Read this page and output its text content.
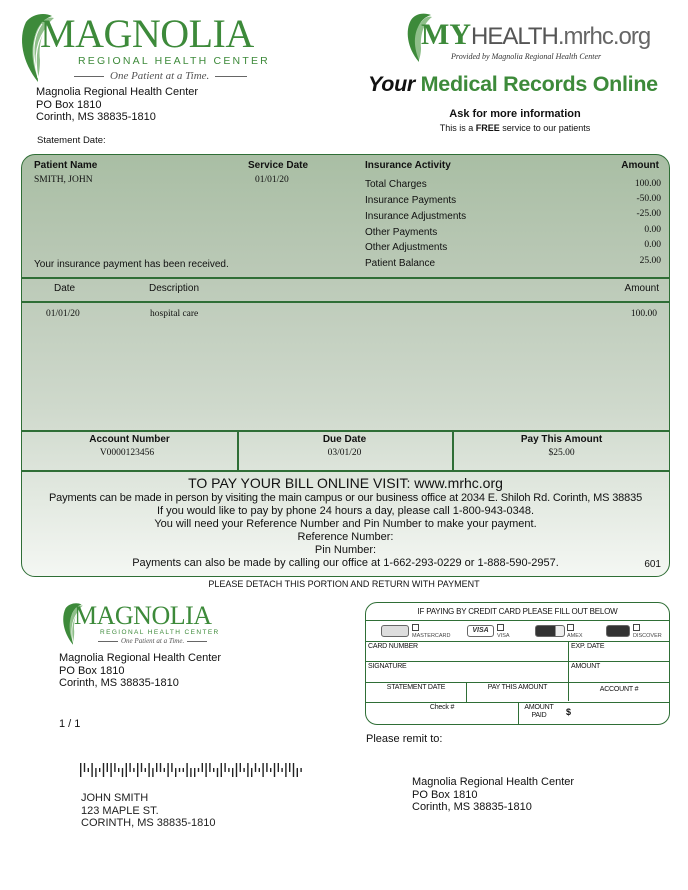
MAGNOLIA
REGIONAL HEALTH CENTER
One Patient at a Time.
Magnolia Regional Health Center
PO Box 1810
Corinth, MS 38835-1810
Statement Date:
MYHEALTH.mrhc.org
Provided by Magnolia Regional Health Center
Your Medical Records Online
Ask for more information
This is a FREE service to our patients
Patient Name
SMITH, JOHN
Service Date
01/01/20
Insurance Activity	Amount
Total Charges	100.00
Insurance Payments	-50.00
Insurance Adjustments	-25.00
Other Payments	0.00
Other Adjustments	0.00
Patient Balance	25.00
Your insurance payment has been received.
Date	Description	Amount
01/01/20	hospital care	100.00
Account Number
V0000123456
Due Date
03/01/20
Pay This Amount
$25.00
TO PAY YOUR BILL ONLINE VISIT: www.mrhc.org
Payments can be made in person by visiting the main campus or our business office at 2034 E. Shiloh Rd. Corinth, MS 38835
If you would like to pay by phone 24 hours a day, please call 1-800-943-0348.
You will need your Reference Number and Pin Number to make your payment.
Reference Number:
Pin Number:
Payments can also be made by calling our office at 1-662-293-0229 or 1-888-590-2957.	601
PLEASE DETACH THIS PORTION AND RETURN WITH PAYMENT
MAGNOLIA
REGIONAL HEALTH CENTER
One Patient at a Time.
Magnolia Regional Health Center
PO Box 1810
Corinth, MS 38835-1810
1 / 1
JOHN SMITH
123 MAPLE ST.
CORINTH, MS 38835-1810
IF PAYING BY CREDIT CARD PLEASE FILL OUT BELOW
MASTERCARD
VISA
VISA	AMEX	DISCOVER
CARD NUMBER	EXP. DATE
SIGNATURE	AMOUNT
STATEMENT DATE	PAY THIS AMOUNT	ACCOUNT #
Check #	AMOUNT
PAID	$
Please remit to:
Magnolia Regional Health Center
PO Box 1810
Corinth, MS 38835-1810
